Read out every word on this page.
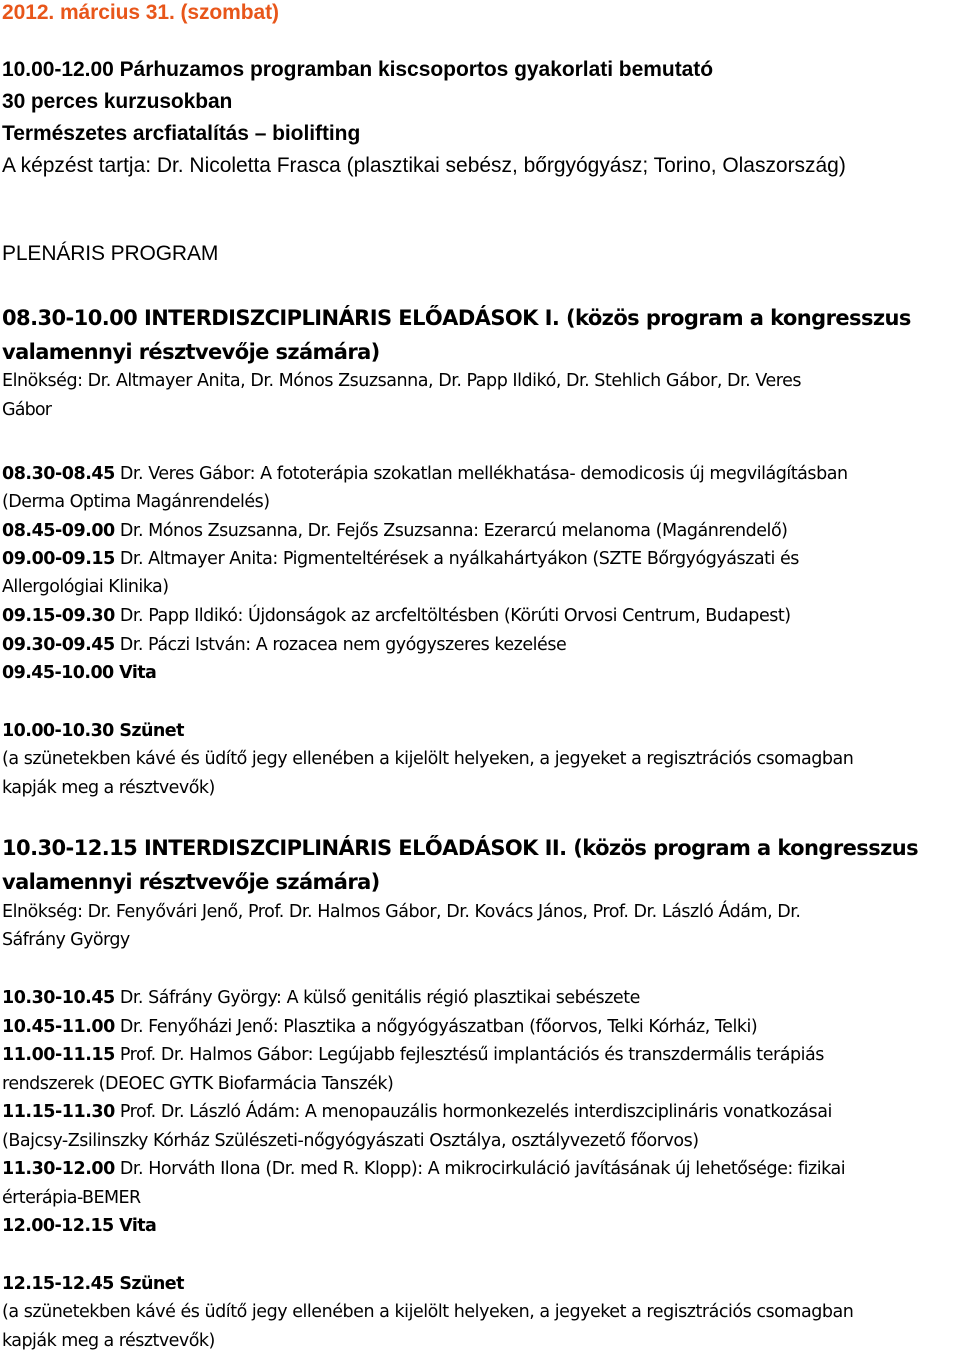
2012. március 31. (szombat)
10.00-12.00 Párhuzamos programban kiscsoportos gyakorlati bemutató
30 perces kurzusokban
Természetes arcfiatalítás – biolifting
A képzést tartja: Dr. Nicoletta Frasca (plasztikai sebész, bőrgyógyász; Torino, Olaszország)
PLENÁRIS PROGRAM
08.30-10.00 INTERDISZCIPLINÁRIS ELŐADÁSOK I. (közös program a kongresszus
valamennyi résztvevője számára)
Elnökség: Dr. Altmayer Anita, Dr. Mónos Zsuzsanna, Dr. Papp Ildikó, Dr. Stehlich Gábor, Dr. Veres
Gábor
08.30-08.45 Dr. Veres Gábor: A fototerápia szokatlan mellékhatása- demodicosis új megvilágításban
(Derma Optima Magánrendelés)
08.45-09.00 Dr. Mónos Zsuzsanna, Dr. Fejős Zsuzsanna: Ezerarcú melanoma (Magánrendelő)
09.00-09.15 Dr. Altmayer Anita: Pigmenteltérések a nyálkahártyákon (SZTE Bőrgyógyászati és
Allergológiai Klinika)
09.15-09.30 Dr. Papp Ildikó: Újdonságok az arcfeltöltésben (Körúti Orvosi Centrum, Budapest)
09.30-09.45 Dr. Páczi István: A rozacea nem gyógyszeres kezelése
09.45-10.00 Vita
10.00-10.30 Szünet
(a szünetekben kávé és üdítő jegy ellenében a kijelölt helyeken, a jegyeket a regisztrációs csomagban
kapják meg a résztvevők)
10.30-12.15 INTERDISZCIPLINÁRIS ELŐADÁSOK II. (közös program a kongresszus
valamennyi résztvevője számára)
Elnökség: Dr. Fenyővári Jenő, Prof. Dr. Halmos Gábor, Dr. Kovács János, Prof. Dr. László Ádám, Dr.
Sáfrány György
10.30-10.45 Dr. Sáfrány György: A külső genitális régió plasztikai sebészete
10.45-11.00 Dr. Fenyőházi Jenő: Plasztika a nőgyógyászatban (főorvos, Telki Kórház, Telki)
11.00-11.15 Prof. Dr. Halmos Gábor: Legújabb fejlesztésű implantációs és transzdermális terápiás
rendszerek (DEOEC GYTK Biofarmácia Tanszék)
11.15-11.30 Prof. Dr. László Ádám: A menopauzális hormonkezelés interdiszciplináris vonatkozásai
(Bajcsy-Zsilinszky Kórház Szülészeti-nőgyógyászati Osztálya, osztályvezető főorvos)
11.30-12.00 Dr. Horváth Ilona (Dr. med R. Klopp): A mikrocirkuláció javításának új lehetősége: fizikai
érterápia-BEMER
12.00-12.15 Vita
12.15-12.45 Szünet
(a szünetekben kávé és üdítő jegy ellenében a kijelölt helyeken, a jegyeket a regisztrációs csomagban
kapják meg a résztvevők)
